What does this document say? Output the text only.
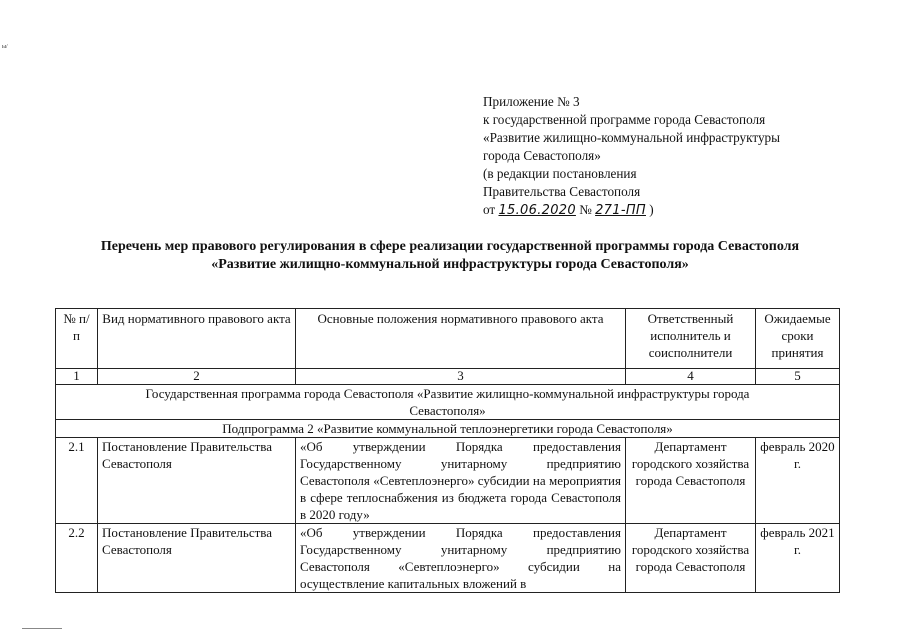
ы/
Приложение № 3
к государственной программе города Севастополя
«Развитие жилищно-коммунальной инфраструктуры
города Севастополя»
(в редакции постановления
Правительства Севастополя
от 15.06.2020 № 271-ПП )
Перечень мер правового регулирования в сфере реализации государственной программы города Севастополя
«Развитие жилищно-коммунальной инфраструктуры города Севастополя»
№ п/п	Вид нормативного правового акта	Основные положения нормативного правового акта	Ответственный исполнитель и соисполнители	Ожидаемые сроки принятия
1	2	3	4	5
Государственная программа города Севастополя «Развитие жилищно-коммунальной инфраструктуры города Севастополя»				
Подпрограмма 2 «Развитие коммунальной теплоэнергетики города Севастополя»				
2.1	Постановление Правительства Севастополя	«Об утверждении Порядка предоставления Государственному унитарному предприятию Севастополя «Севтеплоэнерго» субсидии на мероприятия в сфере теплоснабжения из бюджета города Севастополя в 2020 году»	Департамент городского хозяйства города Севастополя	февраль 2020 г.
2.2	Постановление Правительства Севастополя	«Об утверждении Порядка предоставления Государственному унитарному предприятию Севастополя «Севтеплоэнерго» субсидии на осуществление капитальных вложений в	Департамент городского хозяйства города Севастополя	февраль 2021 г.
